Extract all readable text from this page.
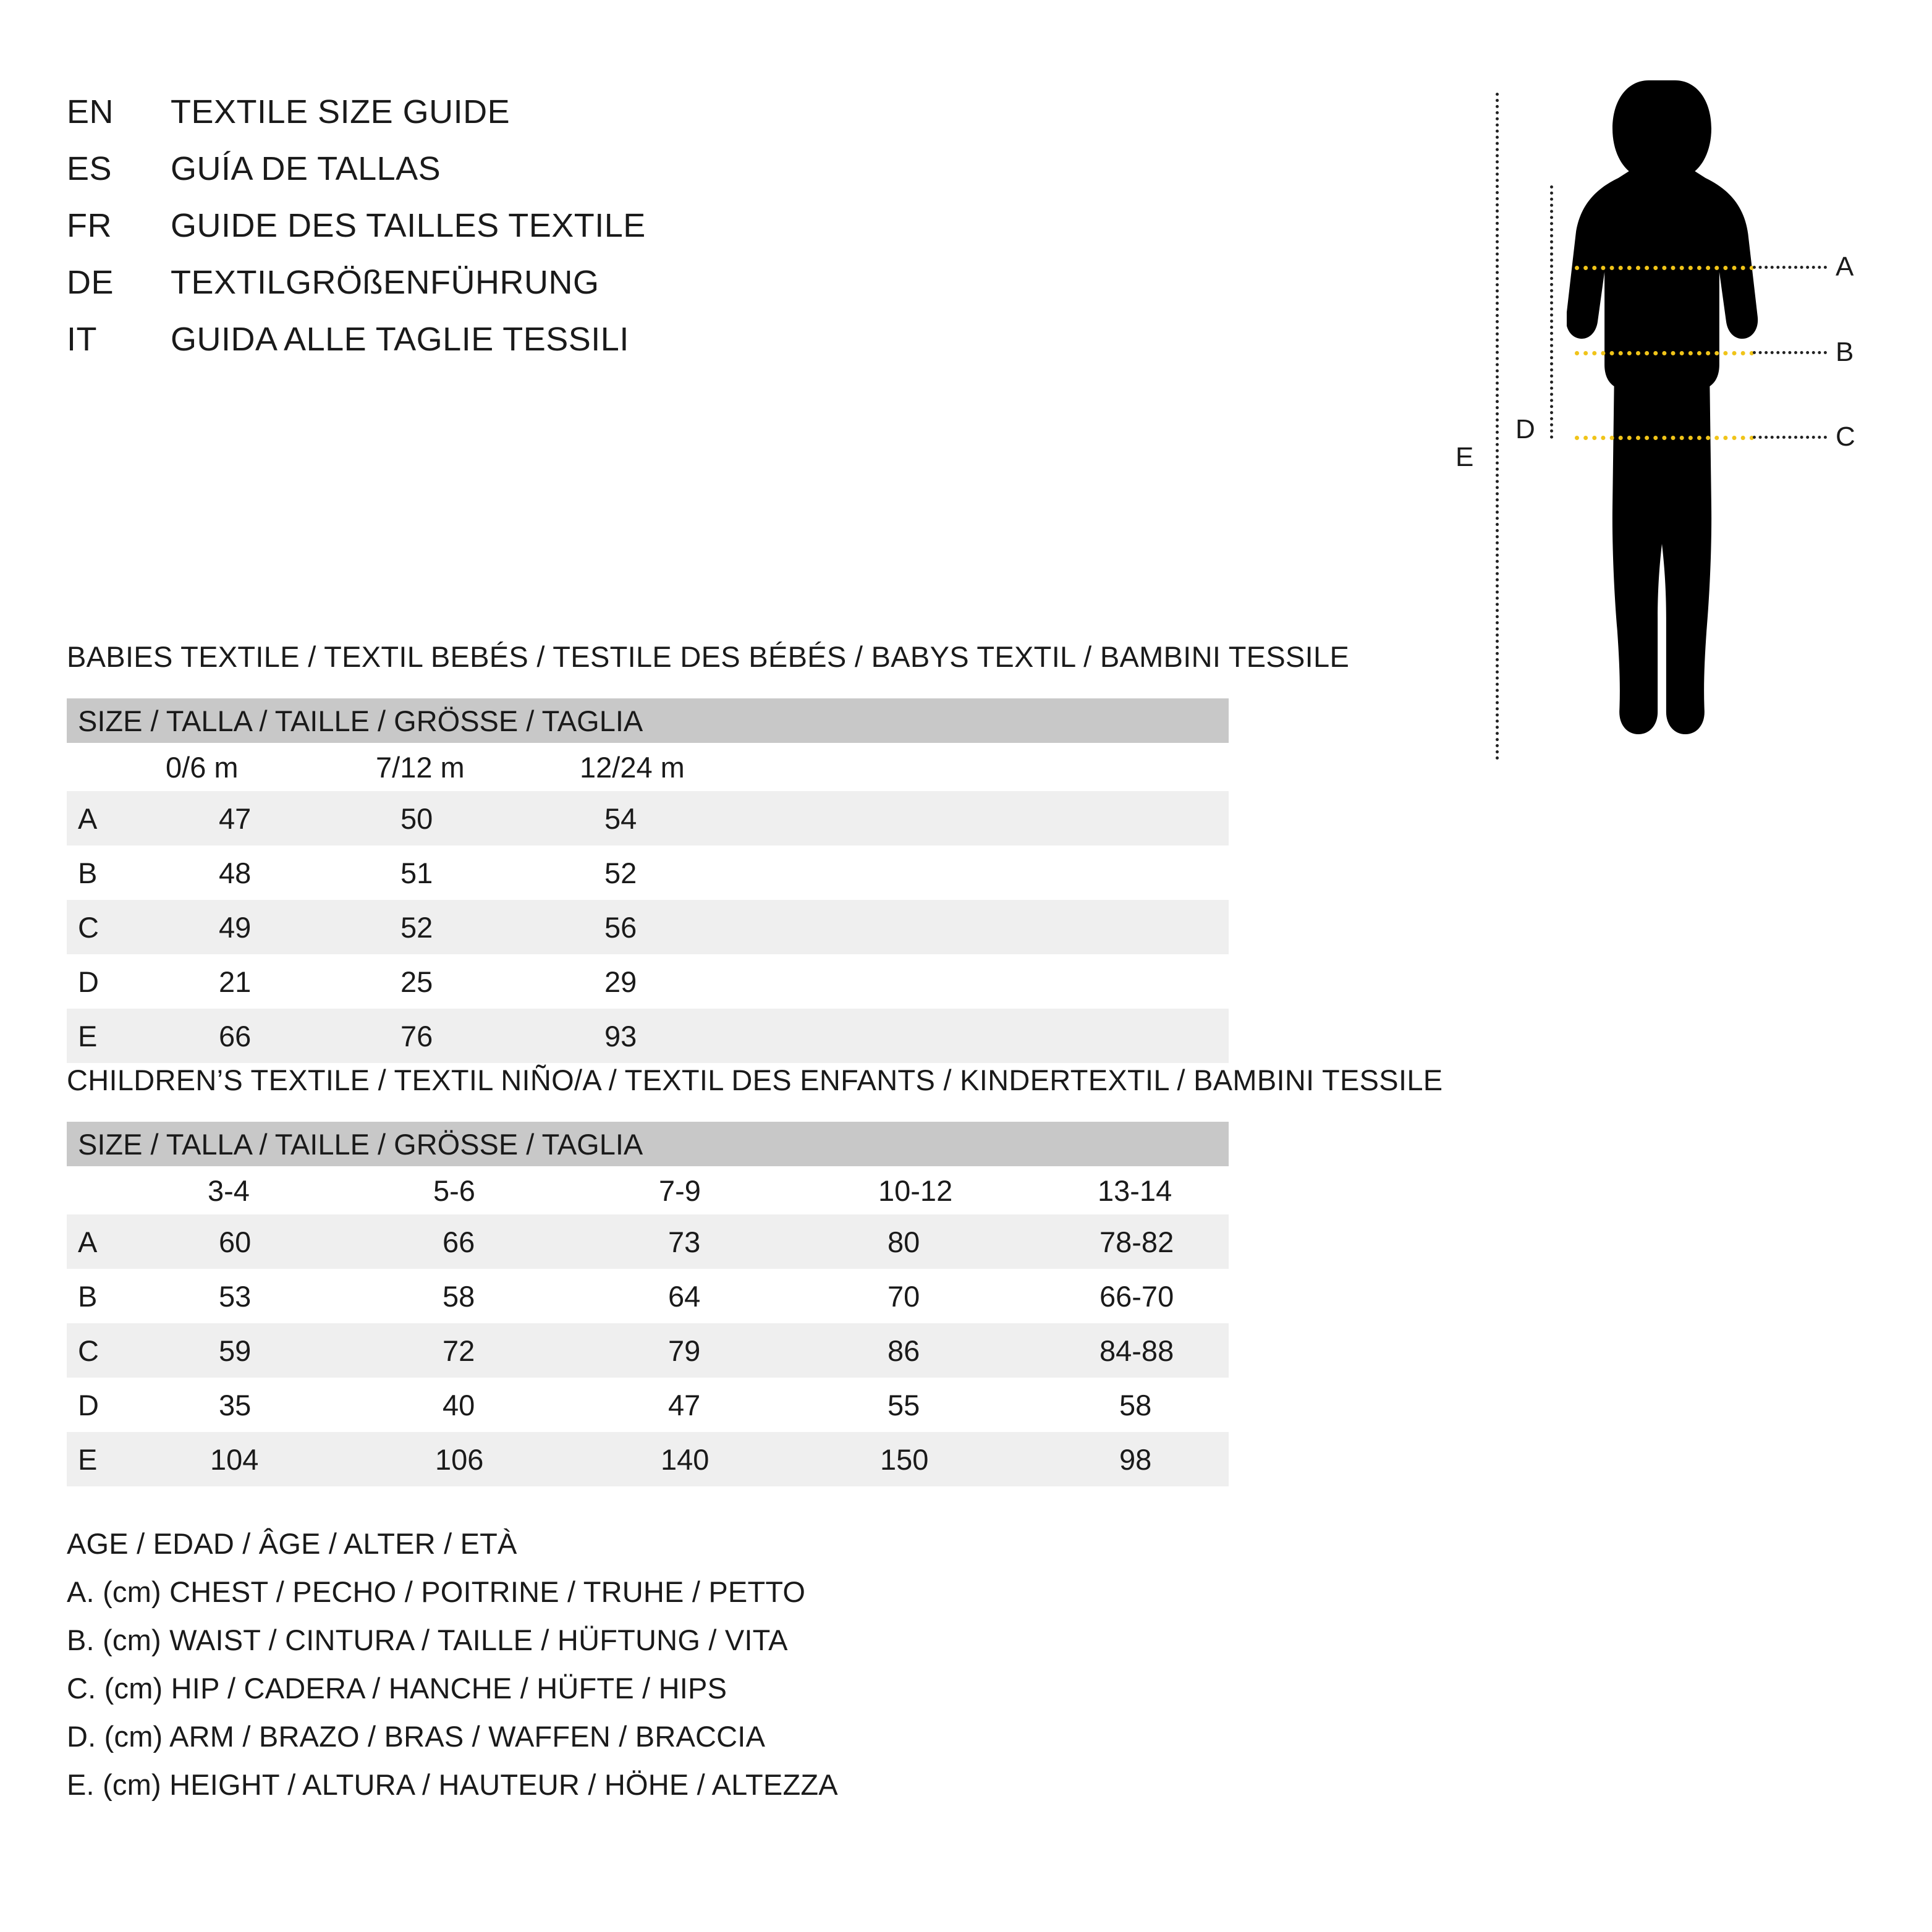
EN	TEXTILE SIZE GUIDE
ES	GUÍA DE TALLAS
FR	GUIDE DES TAILLES TEXTILE
DE	TEXTILGRÖßENFÜHRUNG
IT	GUIDA ALLE TAGLIE TESSILI
E
D
A
B
C
BABIES TEXTILE / TEXTIL BEBÉS / TESTILE DES BÉBÉS / BABYS TEXTIL / BAMBINI TESSILE
SIZE / TALLA / TAILLE / GRÖSSE / TAGLIA			
	0/6 m	7/12 m	12/24 m
A	47	50	54
B	48	51	52
C	49	52	56
D	21	25	29
E	66	76	93
CHILDREN’S TEXTILE / TEXTIL NIÑO/A / TEXTIL DES ENFANTS / KINDERTEXTIL / BAMBINI TESSILE
SIZE / TALLA / TAILLE / GRÖSSE / TAGLIA					
	3-4	5-6	7-9	10-12	13-14
A	60	66	73	80	78-82
B	53	58	64	70	66-70
C	59	72	79	86	84-88
D	35	40	47	55	58
E	104	106	140	150	98
AGE / EDAD / ÂGE / ALTER / ETÀ
A. (cm) CHEST / PECHO / POITRINE / TRUHE / PETTO
B. (cm) WAIST / CINTURA / TAILLE / HÜFTUNG / VITA
C. (cm) HIP / CADERA / HANCHE / HÜFTE / HIPS
D. (cm) ARM / BRAZO / BRAS / WAFFEN / BRACCIA
E. (cm) HEIGHT / ALTURA / HAUTEUR / HÖHE / ALTEZZA
